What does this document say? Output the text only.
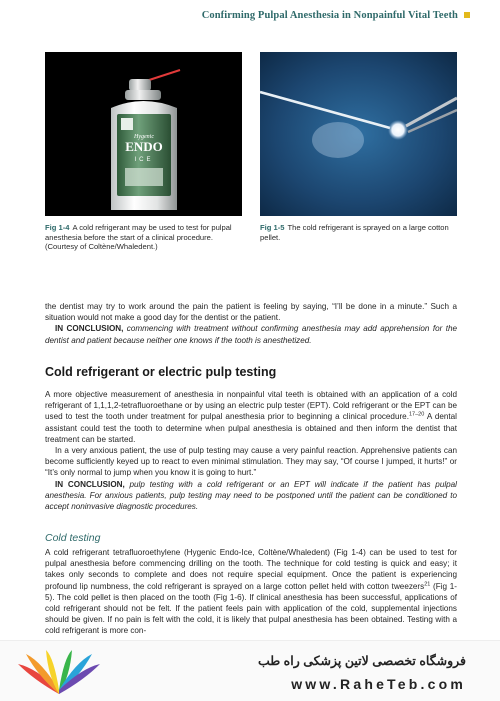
Confirming Pulpal Anesthesia in Nonpainful Vital Teeth
Hygenic
ENDO
ICE
Fig 1-4 A cold refrigerant may be used to test for pulpal anesthesia before the start of a clinical procedure. (Courtesy of Coltène/Whaledent.)
Fig 1-5 The cold refrigerant is sprayed on a large cotton pellet.

the dentist may try to work around the pain the patient is feeling by saying, “I’ll be done in a minute.” Such a situation would not make a good day for the dentist or the patient.

IN CONCLUSION, commencing with treatment without confirming anesthesia may add apprehension for the dentist and patient because neither one knows if the tooth is anesthetized.

Cold refrigerant or electric pulp testing

A more objective measurement of anesthesia in nonpainful vital teeth is obtained with an application of a cold refrigerant of 1,1,1,2-tetrafluoroethane or by using an electric pulp tester (EPT). Cold refrigerant or the EPT can be used to test the tooth under treatment for pulpal anesthesia prior to beginning a clinical procedure.$^{17-20}$ A dental assistant could test the tooth to determine when pulpal anesthesia is obtained and then inform the dentist that treatment can be started.

In a very anxious patient, the use of pulp testing may cause a very painful reaction. Apprehensive patients can become sufficiently keyed up to react to even minimal stimulation. They may say, “Of course I jumped, it hurts!” or “It’s only normal to jump when you know it is going to hurt.”

IN CONCLUSION, pulp testing with a cold refrigerant or an EPT will indicate if the patient has pulpal anesthesia. For anxious patients, pulp testing may need to be postponed until the patient can be conditioned to accept noninvasive diagnostic procedures.

Cold testing

A cold refrigerant tetrafluoroethylene (Hygenic Endo-Ice, Coltène/Whaledent) (Fig 1-4) can be used to test for pulpal anesthesia before commencing drilling on the tooth. The technique for cold testing is quick and easy; it takes only seconds to complete and does not require special equipment. Once the patient is experiencing profound lip numbness, the cold refrigerant is sprayed on a large cotton pellet held with cotton tweezers$^{21}$ (Fig 1-5). The cold pellet is then placed on the tooth (Fig 1-6). If clinical anesthesia has been successful, applications of cold refrigerant should not be felt. If the patient feels pain with application of the cold, supplemental injections should be given. If no pain is felt with the cold, it is likely that pulpal anesthesia has been obtained. Testing with a cold refrigerant is more con-

فروشگاه تخصصی لاتین پزشکی راه طب
www.RaheTeb.com
